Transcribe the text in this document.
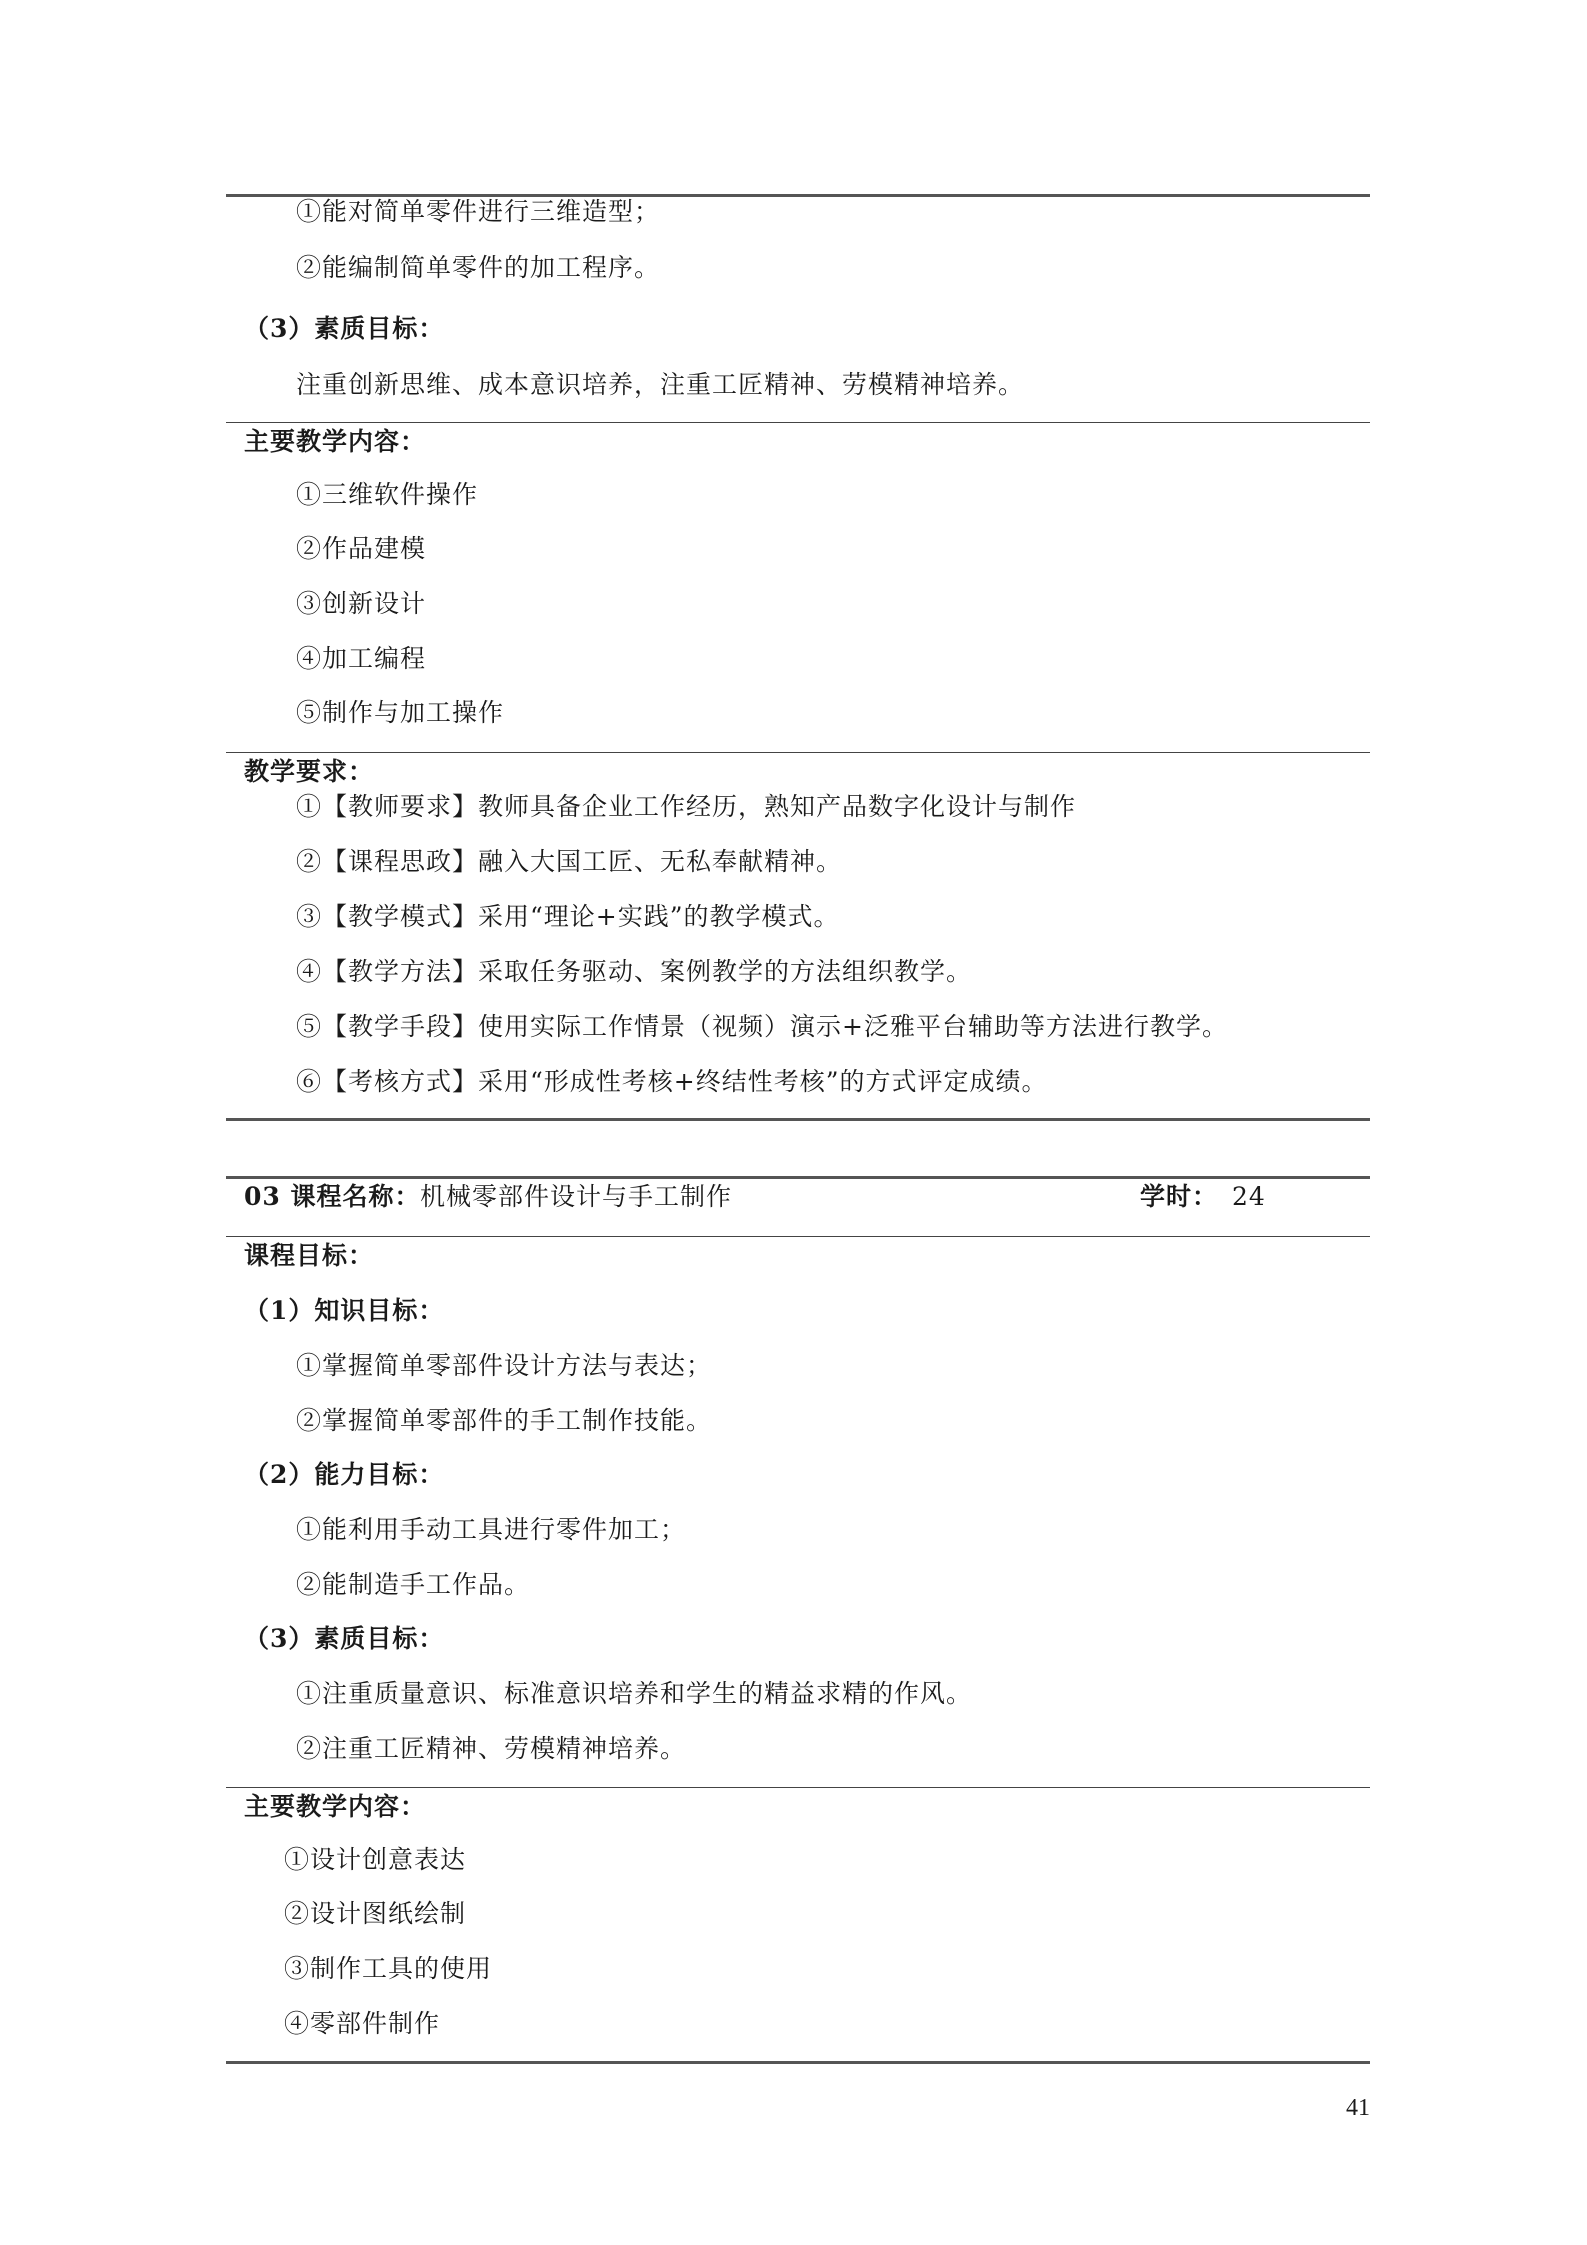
①能对简单零件进行三维造型；
②能编制简单零件的加工程序。
（3）素质目标：
注重创新思维、成本意识培养，注重工匠精神、劳模精神培养。
主要教学内容：
①三维软件操作
②作品建模
③创新设计
④加工编程
⑤制作与加工操作
教学要求：
①【教师要求】教师具备企业工作经历，熟知产品数字化设计与制作
②【课程思政】融入大国工匠、无私奉献精神。
③【教学模式】采用“理论+实践”的教学模式。
④【教学方法】采取任务驱动、案例教学的方法组织教学。
⑤【教学手段】使用实际工作情景（视频）演示+泛雅平台辅助等方法进行教学。
⑥【考核方式】采用“形成性考核+终结性考核”的方式评定成绩。
03 课程名称： 机械零部件设计与手工制作	学时： 24
课程目标：
（1）知识目标：
①掌握简单零部件设计方法与表达；
②掌握简单零部件的手工制作技能。
（2）能力目标：
①能利用手动工具进行零件加工；
②能制造手工作品。
（3）素质目标：
①注重质量意识、标准意识培养和学生的精益求精的作风。
②注重工匠精神、劳模精神培养。
主要教学内容：
①设计创意表达
②设计图纸绘制
③制作工具的使用
④零部件制作
41
